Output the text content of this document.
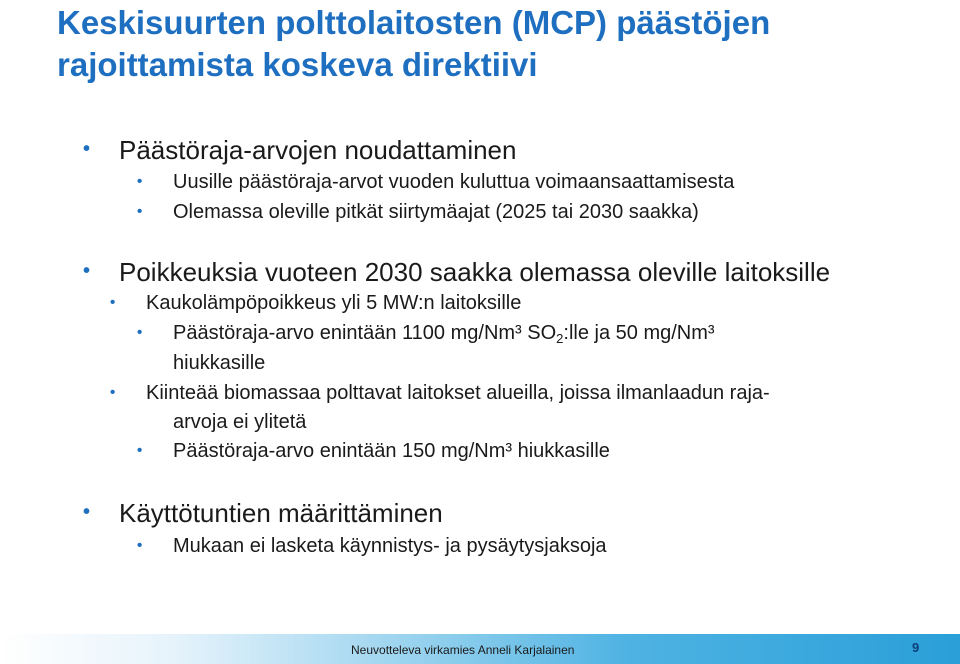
Keskisuurten polttolaitosten (MCP) päästöjen rajoittamista koskeva direktiivi
• Päästöraja-arvojen noudattaminen
• Uusille päästöraja-arvot vuoden kuluttua voimaansaattamisesta
• Olemassa oleville pitkät siirtymäajat (2025 tai 2030 saakka)
• Poikkeuksia vuoteen 2030 saakka olemassa oleville laitoksille
• Kaukolämpöpoikkeus yli 5 MW:n laitoksille
• Päästöraja-arvo enintään 1100 mg/Nm³ $SO_2:lle$ ja 50 mg/Nm³
hiukkasille
• Kiinteää biomassaa polttavat laitokset alueilla, joissa ilmanlaadun raja-
arvoja ei ylitetä
• Päästöraja-arvo enintään 150 mg/Nm³ hiukkasille
• Käyttötuntien määrittäminen
• Mukaan ei lasketa käynnistys- ja pysäytysjaksoja
Neuvotteleva virkamies Anneli Karjalainen	9
